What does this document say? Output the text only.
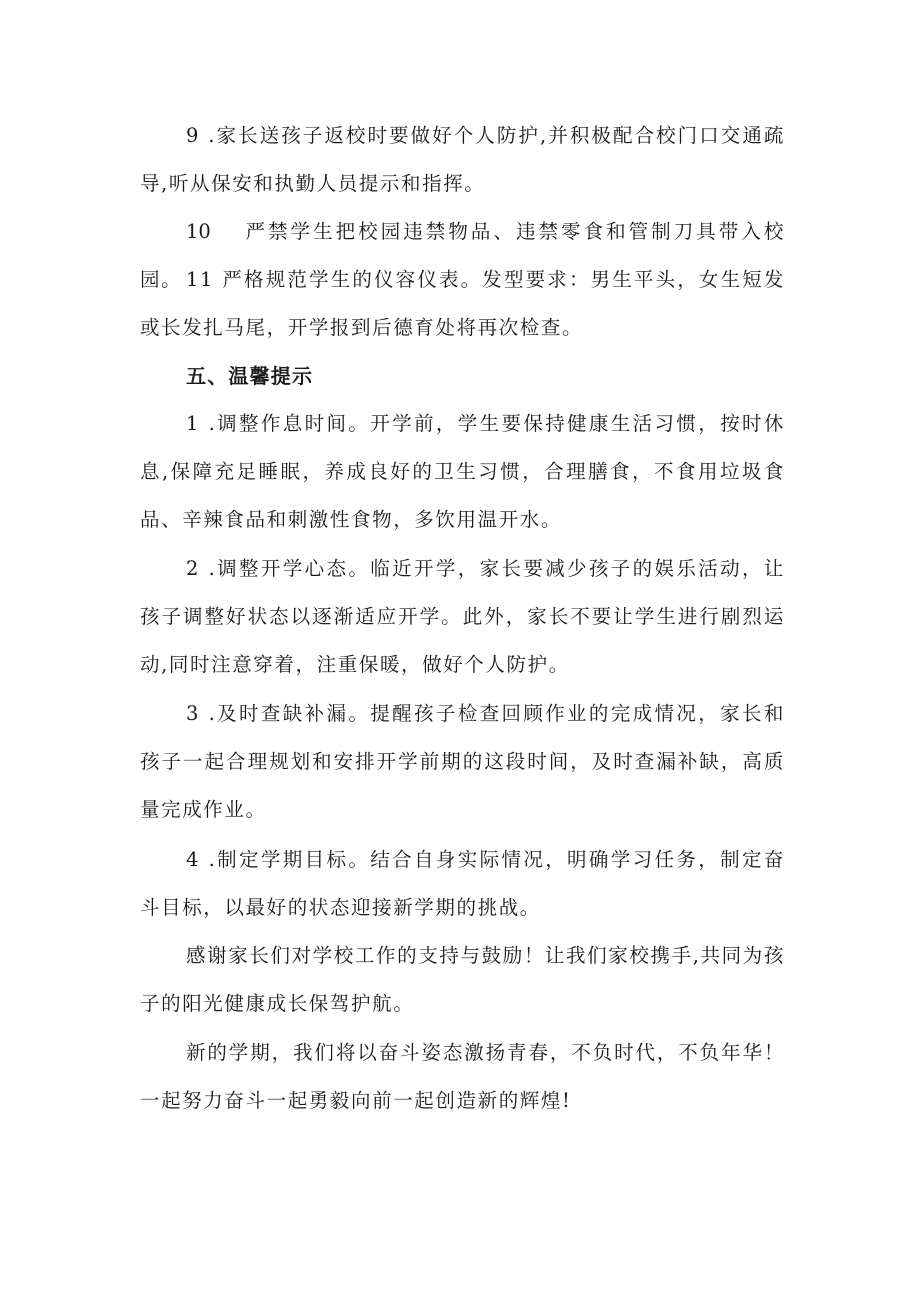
9 .家长送孩子返校时要做好个人防护,并积极配合校门口交通疏导,听从保安和执勤人员提示和指挥。

10 严禁学生把校园违禁物品、违禁零食和管制刀具带入校园。 11 严格规范学生的仪容仪表。发型要求：男生平头，女生短发或长发扎马尾，开学报到后德育处将再次检查。

五、温馨提示

1 .调整作息时间。开学前，学生要保持健康生活习惯，按时休息,保障充足睡眠，养成良好的卫生习惯，合理膳食，不食用垃圾食品、辛辣食品和刺激性食物，多饮用温开水。

2 .调整开学心态。临近开学，家长要减少孩子的娱乐活动，让孩子调整好状态以逐渐适应开学。此外，家长不要让学生进行剧烈运动,同时注意穿着，注重保暖，做好个人防护。

3 .及时查缺补漏。提醒孩子检查回顾作业的完成情况，家长和孩子一起合理规划和安排开学前期的这段时间，及时查漏补缺，高质量完成作业。

4 .制定学期目标。结合自身实际情况，明确学习任务，制定奋斗目标，以最好的状态迎接新学期的挑战。

感谢家长们对学校工作的支持与鼓励！让我们家校携手,共同为孩子的阳光健康成长保驾护航。

新的学期，我们将以奋斗姿态激扬青春，不负时代，不负年华！一起努力奋斗一起勇毅向前一起创造新的辉煌!
